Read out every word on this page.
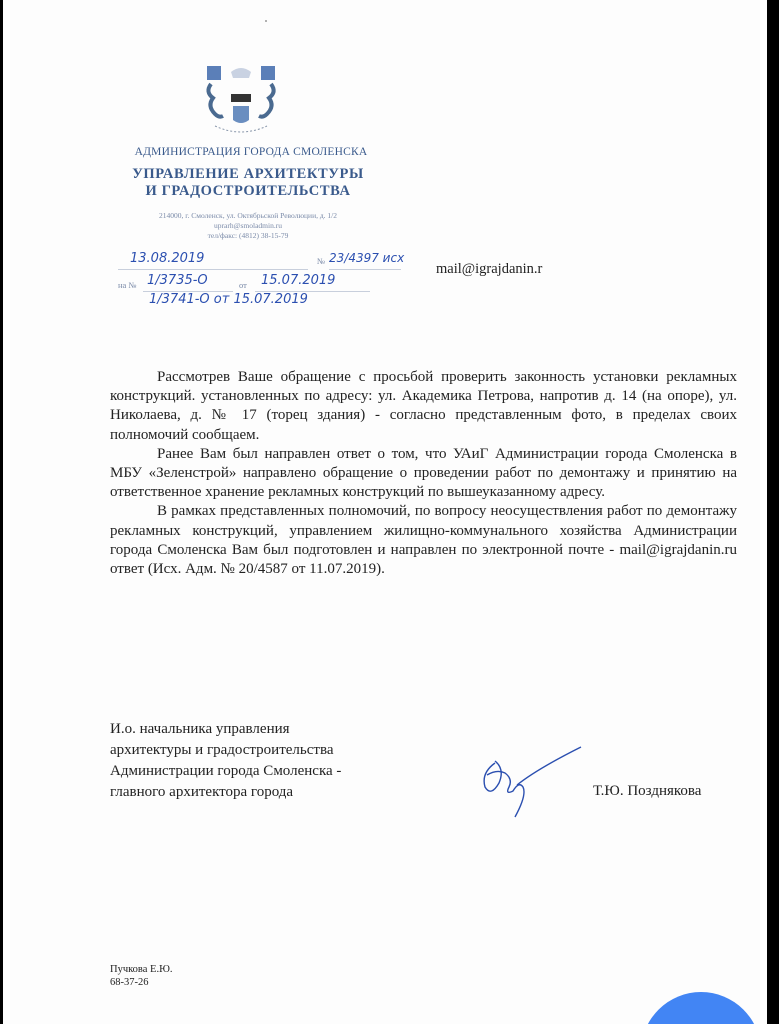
АДМИНИСТРАЦИЯ ГОРОДА СМОЛЕНСКА
УПРАВЛЕНИЕ АРХИТЕКТУРЫ
И ГРАДОСТРОИТЕЛЬСТВА
214000, г. Смоленск, ул. Октябрьской Революции, д. 1/2
uprarh@smoladmin.ru
тел/факс: (4812) 38-15-79
13.08.2019	№ 23/4397 исх
на № 1/3735-О	от 15.07.2019
1/3741-О от 15.07.2019
mail@igrajdanin.r

Рассмотрев Ваше обращение с просьбой проверить законность установки рекламных конструкций. установленных по адресу: ул. Академика Петрова, напротив д. 14 (на опоре), ул. Николаева, д. № 17 (торец здания) - согласно представленным фото, в пределах своих полномочий сообщаем.

Ранее Вам был направлен ответ о том, что УАиГ Администрации города Смоленска в МБУ «Зеленстрой» направлено обращение о проведении работ по демонтажу и принятию на ответственное хранение рекламных конструкций по вышеуказанному адресу.

В рамках представленных полномочий, по вопросу неосуществления работ по демонтажу рекламных конструкций, управлением жилищно-коммунального хозяйства Администрации города Смоленска Вам был подготовлен и направлен по электронной почте - mail@igrajdanin.ru ответ (Исх. Адм. № 20/4587 от 11.07.2019).

И.о. начальника управления
архитектуры и градостроительства
Администрации города Смоленска -
главного архитектора города	Т.Ю. Позднякова
Пучкова Е.Ю.
68-37-26
